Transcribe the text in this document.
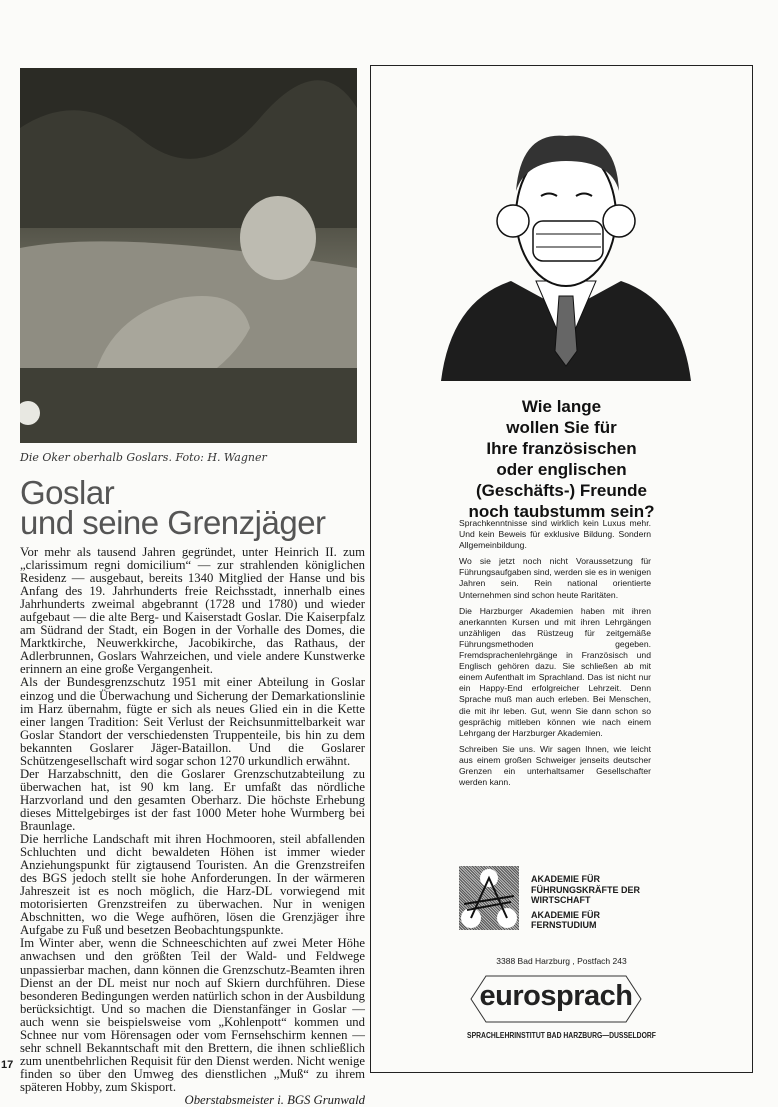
Die Oker oberhalb Goslars. Foto: H. Wagner
Goslar
und seine Grenzjäger

Vor mehr als tausend Jahren gegründet, unter Heinrich II. zum „clarissimum regni domicilium“ — zur strahlenden königlichen Residenz — ausgebaut, bereits 1340 Mitglied der Hanse und bis Anfang des 19. Jahrhunderts freie Reichsstadt, innerhalb eines Jahrhunderts zweimal abgebrannt (1728 und 1780) und wieder aufgebaut — die alte Berg- und Kaiserstadt Goslar. Die Kaiserpfalz am Südrand der Stadt, ein Bogen in der Vorhalle des Domes, die Marktkirche, Neuwerkkirche, Jacobikirche, das Rathaus, der Adlerbrunnen, Goslars Wahrzeichen, und viele andere Kunstwerke erinnern an eine große Vergangenheit.

Als der Bundesgrenzschutz 1951 mit einer Abteilung in Goslar einzog und die Überwachung und Sicherung der Demarkationslinie im Harz übernahm, fügte er sich als neues Glied ein in die Kette einer langen Tradition: Seit Verlust der Reichsunmittelbarkeit war Goslar Standort der verschiedensten Truppenteile, bis hin zu dem bekannten Goslarer Jäger-Bataillon. Und die Goslarer Schützengesellschaft wird sogar schon 1270 urkundlich erwähnt.

Der Harzabschnitt, den die Goslarer Grenzschutzabteilung zu überwachen hat, ist 90 km lang. Er umfaßt das nördliche Harzvorland und den gesamten Oberharz. Die höchste Erhebung dieses Mittelgebirges ist der fast 1000 Meter hohe Wurmberg bei Braunlage.

Die herrliche Landschaft mit ihren Hochmooren, steil abfallenden Schluchten und dicht bewaldeten Höhen ist immer wieder Anziehungspunkt für zigtausend Touristen. An die Grenzstreifen des BGS jedoch stellt sie hohe Anforderungen. In der wärmeren Jahreszeit ist es noch möglich, die Harz-DL vorwiegend mit motorisierten Grenzstreifen zu überwachen. Nur in wenigen Abschnitten, wo die Wege aufhören, lösen die Grenzjäger ihre Aufgabe zu Fuß und besetzen Beobachtungspunkte.

Im Winter aber, wenn die Schneeschichten auf zwei Meter Höhe anwachsen und den größten Teil der Wald- und Feldwege unpassierbar machen, dann können die Grenzschutz-Beamten ihren Dienst an der DL meist nur noch auf Skiern durchführen. Diese besonderen Bedingungen werden natürlich schon in der Ausbildung berücksichtigt. Und so machen die Dienstanfänger in Goslar — auch wenn sie beispielsweise vom „Kohlenpott“ kommen und Schnee nur vom Hörensagen oder vom Fernsehschirm kennen — sehr schnell Bekanntschaft mit den Brettern, die ihnen schließlich zum unentbehrlichen Requisit für den Dienst werden. Nicht wenige finden so über den Umweg des dienstlichen „Muß“ zu ihrem späteren Hobby, zum Skisport.

Oberstabsmeister i. BGS Grunwald

17
Wie lange
wollen Sie für
Ihre französischen
oder englischen
(Geschäfts-) Freunde
noch taubstumm sein?

Sprachkenntnisse sind wirklich kein Luxus mehr. Und kein Beweis für exklusive Bildung. Sondern Allgemeinbildung.

Wo sie jetzt noch nicht Voraussetzung für Führungsaufgaben sind, werden sie es in wenigen Jahren sein. Rein national orientierte Unternehmen sind schon heute Raritäten.

Die Harzburger Akademien haben mit ihren anerkannten Kursen und mit ihren Lehrgängen unzähligen das Rüstzeug für zeitgemäße Führungsmethoden gegeben. Fremdsprachenlehrgänge in Französisch und Englisch gehören dazu. Sie schließen ab mit einem Aufenthalt im Sprachland. Das ist nicht nur ein Happy-End erfolgreicher Lehrzeit. Denn Sprache muß man auch erleben. Bei Menschen, die mit ihr leben. Gut, wenn Sie dann schon so gesprächig mitleben können wie nach einem Lehrgang der Harzburger Akademien.

Schreiben Sie uns. Wir sagen Ihnen, wie leicht aus einem großen Schweiger jenseits deutscher Grenzen ein unterhaltsamer Gesellschafter werden kann.

AKADEMIE FÜR FÜHRUNGSKRÄFTE DER WIRTSCHAFT
AKADEMIE FÜR FERNSTUDIUM
3388 Bad Harzburg , Postfach 243
eurosprach
SPRACHLEHRINSTITUT BAD HARZBURG—DUSSELDORF
